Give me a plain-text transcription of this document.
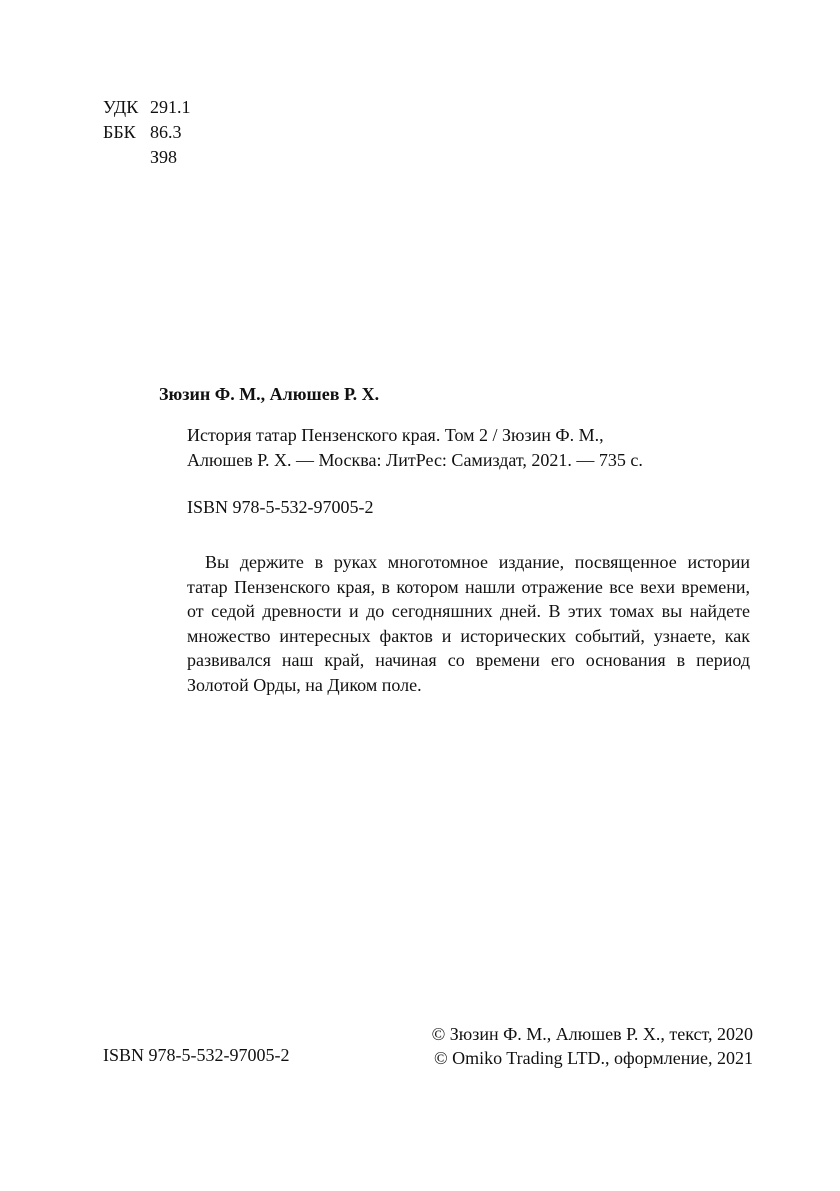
УДК 291.1
ББК 86.3
З98
Зюзин Ф. М., Алюшев Р. Х.
История татар Пензенского края. Том 2 / Зюзин Ф. М.,
Алюшев Р. Х. — Москва: ЛитРес: Самиздат, 2021. — 735 с.
ISBN 978-5-532-97005-2

Вы держите в руках многотомное издание, посвященное истории татар Пензенского края, в котором нашли отражение все вехи времени, от седой древности и до сегодняшних дней. В этих томах вы найдете множество интересных фактов и исторических событий, узнаете, как развивался наш край, начиная со времени его основания в период Золотой Орды, на Диком поле.

ISBN 978-5-532-97005-2
© Зюзин Ф. М., Алюшев Р. Х., текст, 2020
© Omiko Trading LTD., оформление, 2021
